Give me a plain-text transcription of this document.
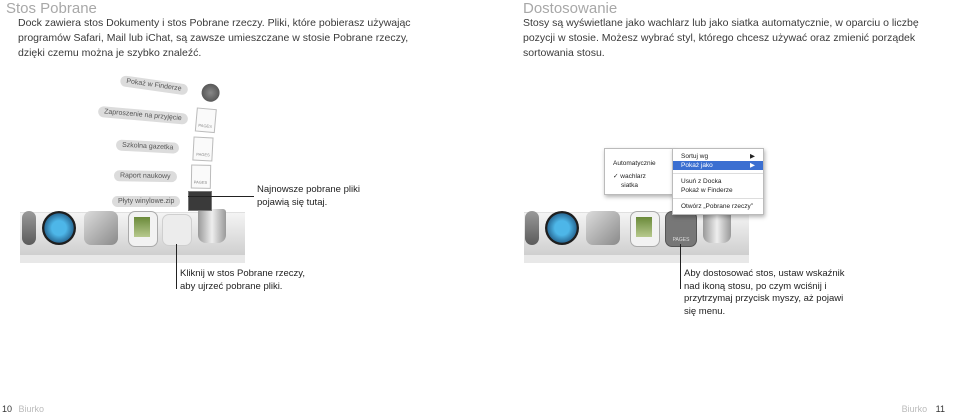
Stos Pobrane
Dock zawiera stos Dokumenty i stos Pobrane rzeczy. Pliki, które pobierasz używając programów Safari, Mail lub iChat, są zawsze umieszczane w stosie Pobrane rzeczy, dzięki czemu można je szybko znaleźć.
Dostosowanie
Stosy są wyświetlane jako wachlarz lub jako siatka automatycznie, w oparciu o liczbę pozycji w stosie. Możesz wybrać styl, którego chcesz używać oraz zmienić porządek sortowania stosu.
Pokaż w Finderze
Zaproszenie na przyjęcie
PAGES
Szkolna gazetka
PAGES
Raport naukowy
PAGES
Płyty winylowe.zip
Najnowsze pobrane pliki pojawią się tutaj.
Kliknij w stos Pobrane rzeczy, aby ujrzeć pobrane pliki.
PAGES
Automatycznie
✓ wachlarz
siatka
Sortuj wg	▶
Pokaż jako	▶
Usuń z Docka
Pokaż w Finderze
Otwórz „Pobrane rzeczy”
Aby dostosować stos, ustaw wskaźnik nad ikoną stosu, po czym wciśnij i przytrzymaj przycisk myszy, aż pojawi się menu.
10 Biurko	Biurko 11
